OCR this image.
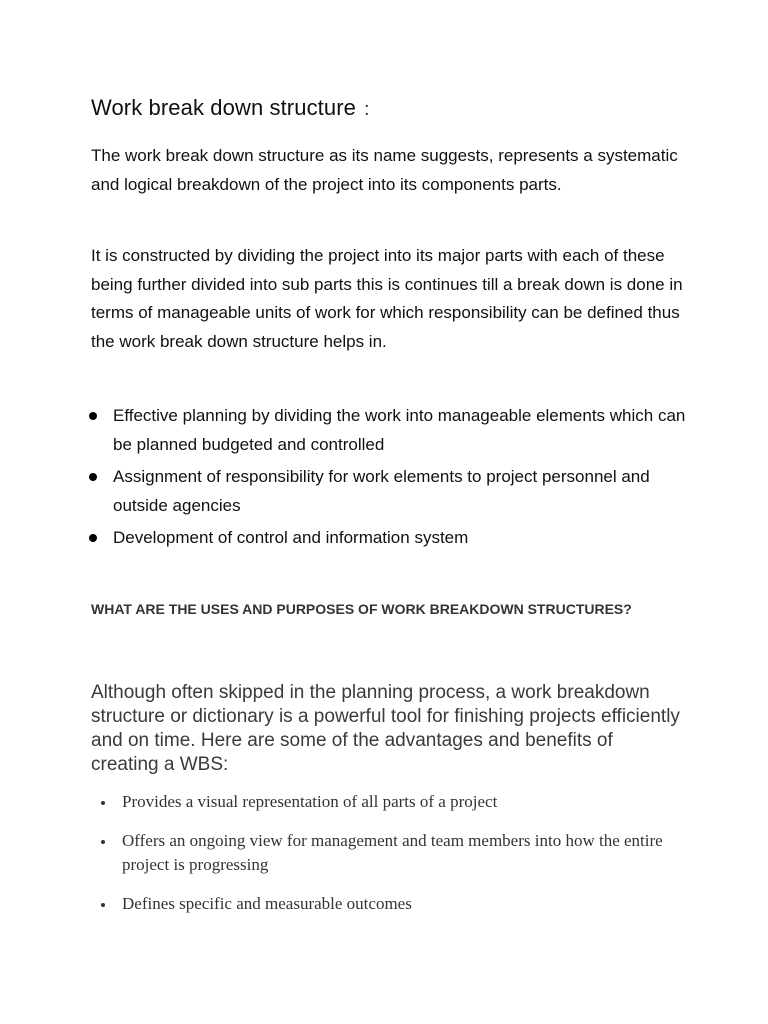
Work break down structure :

The work break down structure as its name suggests, represents a systematic and logical breakdown of the project into its components parts.

It is constructed by dividing the project into its major parts with each of these being further divided into sub parts this is continues till a break down is done in terms of manageable units of work for which responsibility can be defined thus the work break down structure helps in.

Effective planning by dividing the work into manageable elements which can be planned budgeted and controlled
Assignment of responsibility for work elements to project personnel and outside agencies
Development of control and information system
WHAT ARE THE USES AND PURPOSES OF WORK BREAKDOWN STRUCTURES?

Although often skipped in the planning process, a work breakdown structure or dictionary is a powerful tool for finishing projects efficiently and on time. Here are some of the advantages and benefits of creating a WBS:

Provides a visual representation of all parts of a project
Offers an ongoing view for management and team members into how the entire project is progressing
Defines specific and measurable outcomes
